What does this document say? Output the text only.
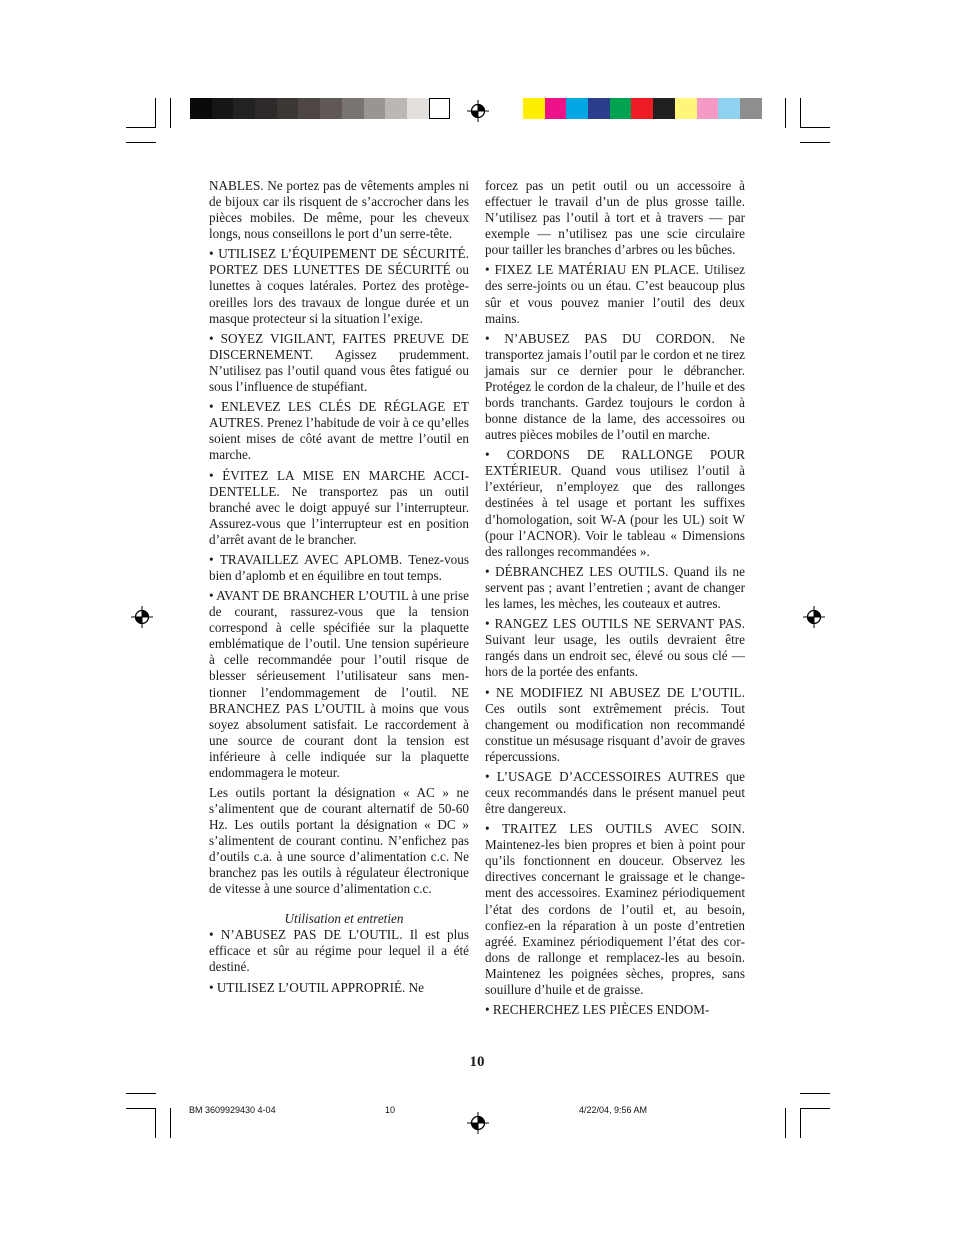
NABLES. Ne portez pas de vêtements amples ni de bijoux car ils risquent de s’accrocher dans les pièces mobiles. De même, pour les cheveux longs, nous conseillons le port d’un serre-tête.

• UTILISEZ L’ÉQUIPEMENT DE SÉCURITÉ. PORTEZ DES LUNETTES DE SÉCURITÉ ou lunettes à coques latérales. Portez des protège-oreilles lors des travaux de longue durée et un masque protecteur si la situation l’exige.

• SOYEZ VIGILANT, FAITES PREUVE DE DISCERNEMENT. Agissez prudemment. N’utilisez pas l’outil quand vous êtes fatigué ou sous l’influence de stupéfiant.

• ENLEVEZ LES CLÉS DE RÉGLAGE ET AUTRES. Prenez l’habitude de voir à ce qu’elles soient mises de côté avant de mettre l’outil en marche.

• ÉVITEZ LA MISE EN MARCHE ACCIDENTELLE. Ne transportez pas un outil branché avec le doigt appuyé sur l’interrupteur. Assurez-vous que l’interrupteur est en position d’arrêt avant de le brancher.

• TRAVAILLEZ AVEC APLOMB. Tenez-vous bien d’aplomb et en équilibre en tout temps.

• AVANT DE BRANCHER L’OUTIL à une prise de courant, rassurez-vous que la tension correspond à celle spécifiée sur la plaquette emblématique de l’outil. Une tension supérieure à celle recommandée pour l’outil risque de blesser sérieusement l’utilisateur sans mentionner l’endommagement de l’outil. NE BRANCHEZ PAS L’OUTIL à moins que vous soyez absolument satisfait. Le raccordement à une source de courant dont la tension est inférieure à celle indiquée sur la plaquette endommagera le moteur.

Les outils portant la désignation « AC » ne s’alimentent que de courant alternatif de 50-60 Hz. Les outils portant la désignation « DC » s’alimentent de courant continu. N’enfichez pas d’outils c.a. à une source d’alimentation c.c. Ne branchez pas les outils à régulateur électronique de vitesse à une source d’alimentation c.c.

Utilisation et entretien

• N’ABUSEZ PAS DE L’OUTIL. Il est plus efficace et sûr au régime pour lequel il a été destiné.

• UTILISEZ L’OUTIL APPROPRIÉ. Ne

forcez pas un petit outil ou un accessoire à effectuer le travail d’un de plus grosse taille. N’utilisez pas l’outil à tort et à travers — par exemple — n’utilisez pas une scie circulaire pour tailler les branches d’arbres ou les bûches.

• FIXEZ LE MATÉRIAU EN PLACE. Utilisez des serre-joints ou un étau. C’est beaucoup plus sûr et vous pouvez manier l’outil des deux mains.

• N’ABUSEZ PAS DU CORDON. Ne transportez jamais l’outil par le cordon et ne tirez jamais sur ce dernier pour le débrancher. Protégez le cordon de la chaleur, de l’huile et des bords tranchants. Gardez toujours le cordon à bonne distance de la lame, des accessoires ou autres pièces mobiles de l’outil en marche.

• CORDONS DE RALLONGE POUR EXTÉRIEUR. Quand vous utilisez l’outil à l’extérieur, n’employez que des rallonges destinées à tel usage et portant les suffixes d’homologation, soit W-A (pour les UL) soit W (pour l’ACNOR). Voir le tableau « Dimensions des rallonges recommandées ».

• DÉBRANCHEZ LES OUTILS. Quand ils ne servent pas ; avant l’entretien ; avant de changer les lames, les mèches, les couteaux et autres.

• RANGEZ LES OUTILS NE SERVANT PAS. Suivant leur usage, les outils devraient être rangés dans un endroit sec, élevé ou sous clé — hors de la portée des enfants.

• NE MODIFIEZ NI ABUSEZ DE L’OUTIL. Ces outils sont extrêmement précis. Tout changement ou modification non recommandé constitue un mésusage risquant d’avoir de graves répercussions.

• L’USAGE D’ACCESSOIRES AUTRES que ceux recommandés dans le présent manuel peut être dangereux.

• TRAITEZ LES OUTILS AVEC SOIN. Maintenez-les bien propres et bien à point pour qu’ils fonctionnent en douceur. Observez les directives concernant le graissage et le changement des accessoires. Examinez périodiquement l’état des cordons de l’outil et, au besoin, confiez-en la réparation à un poste d’entretien agréé. Examinez périodiquement l’état des cordons de rallonge et remplacez-les au besoin. Maintenez les poignées sèches, propres, sans souillure d’huile et de graisse.

• RECHERCHEZ LES PIÈCES ENDOM-

10
BM 3609929430 4-04	10	4/22/04, 9:56 AM
